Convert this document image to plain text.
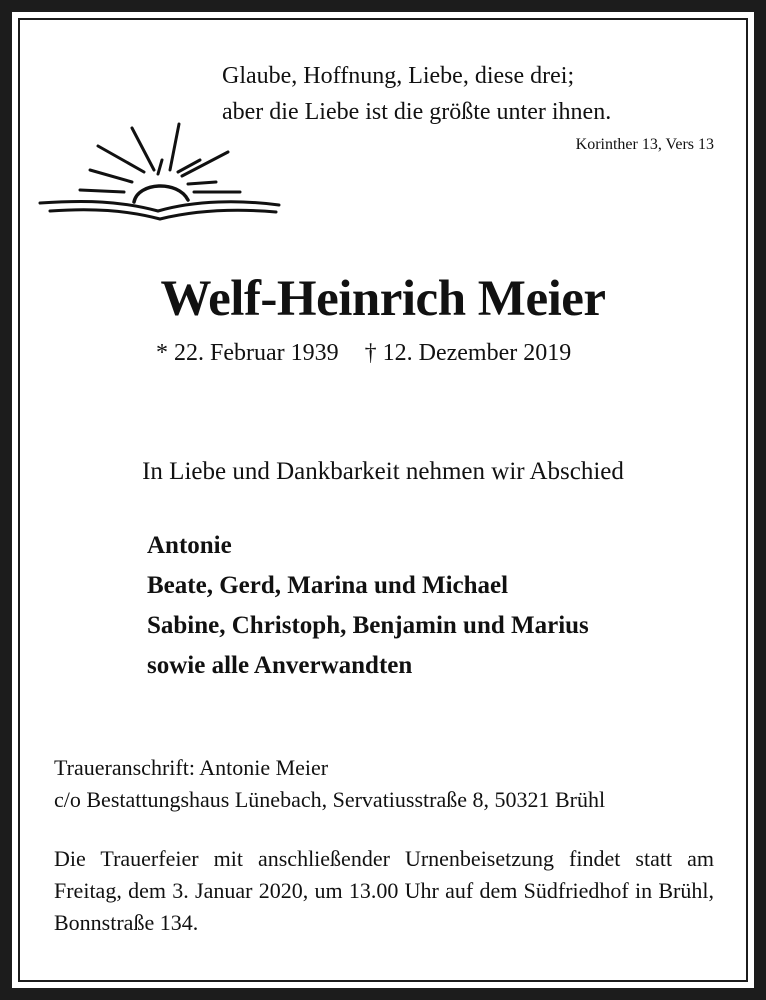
Glaube, Hoffnung, Liebe, diese drei;
aber die Liebe ist die größte unter ihnen.
Korinther 13, Vers 13
Welf-Heinrich Meier
* 22. Februar 1939 † 12. Dezember 2019
In Liebe und Dankbarkeit nehmen wir Abschied
Antonie
Beate, Gerd, Marina und Michael
Sabine, Christoph, Benjamin und Marius
sowie alle Anverwandten
Traueranschrift: Antonie Meier
c/o Bestattungshaus Lünebach, Servatiusstraße 8, 50321 Brühl
Die Trauerfeier mit anschließender Urnenbeisetzung findet statt am Freitag, dem 3. Januar 2020, um 13.00 Uhr auf dem Südfriedhof in Brühl, Bonnstraße 134.
